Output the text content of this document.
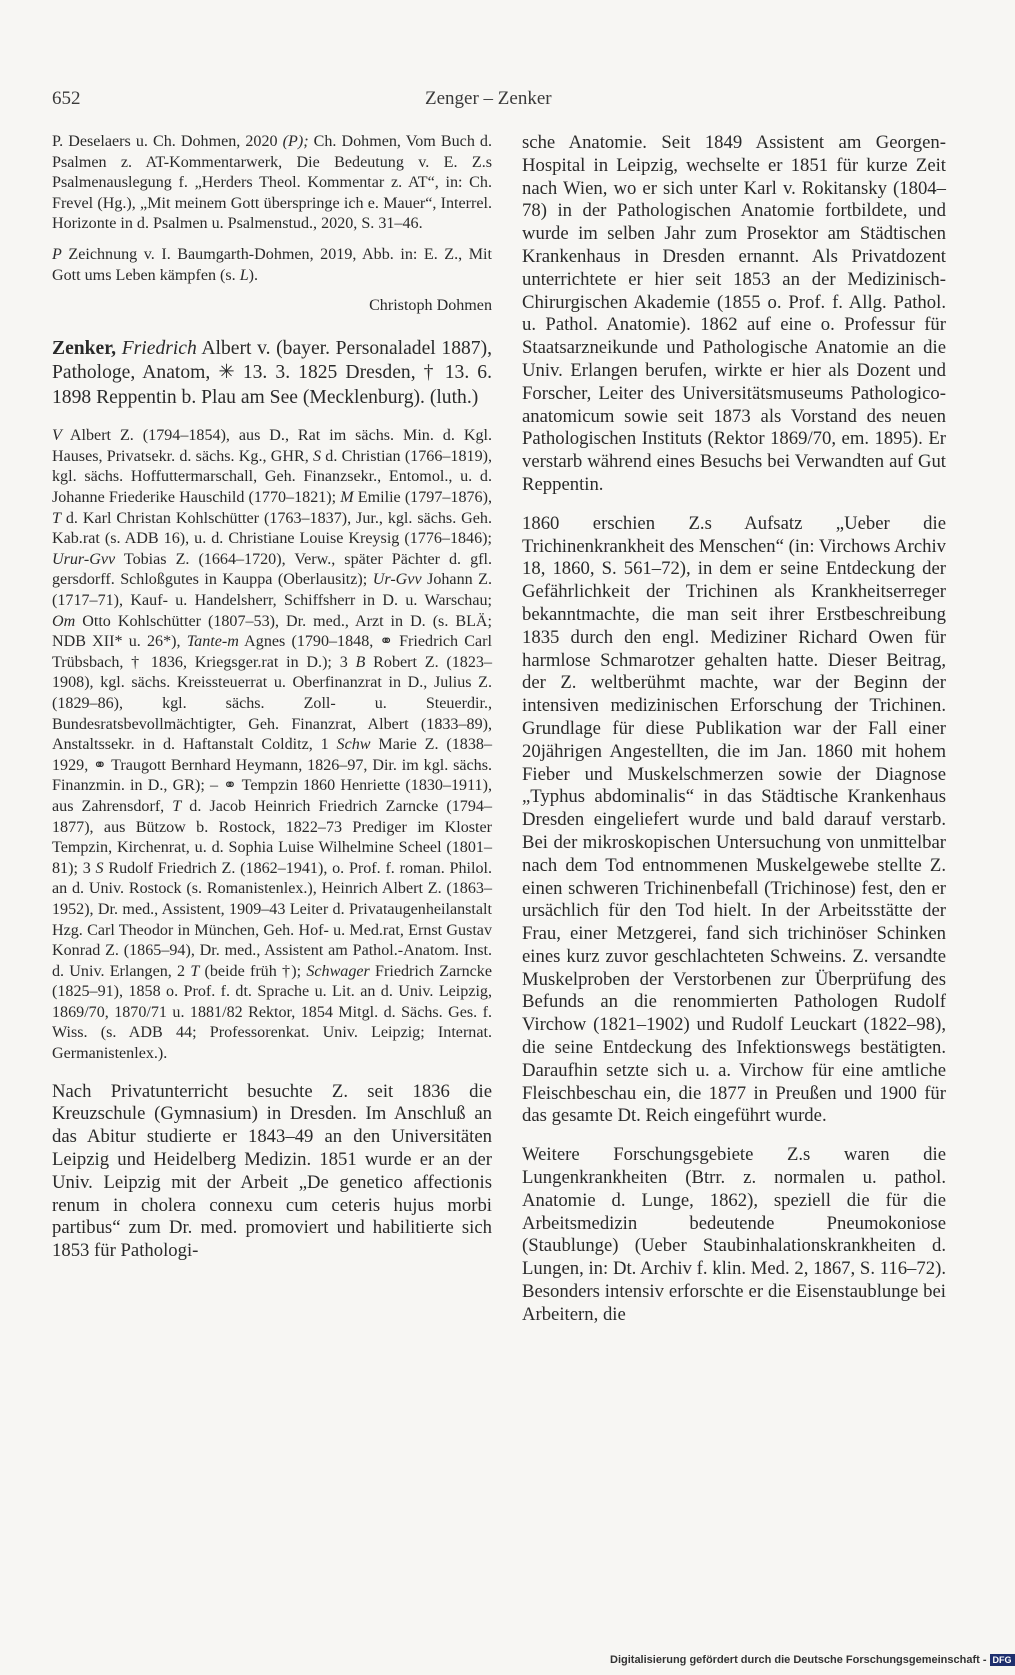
652	Zenger – Zenker

P. Deselaers u. Ch. Dohmen, 2020 (P); Ch. Dohmen, Vom Buch d. Psalmen z. AT-Kommentarwerk, Die Bedeutung v. E. Z.s Psalmenauslegung f. „Herders Theol. Kommentar z. AT“, in: Ch. Frevel (Hg.), „Mit meinem Gott überspringe ich e. Mauer“, Interrel. Horizonte in d. Psalmen u. Psalmenstud., 2020, S. 31–46.

P Zeichnung v. I. Baumgarth-Dohmen, 2019, Abb. in: E. Z., Mit Gott ums Leben kämpfen (s. L).

Christoph Dohmen

Zenker, Friedrich Albert v. (bayer. Personaladel 1887), Pathologe, Anatom, ✳ 13. 3. 1825 Dresden, † 13. 6. 1898 Reppentin b. Plau am See (Mecklenburg). (luth.)

V Albert Z. (1794–1854), aus D., Rat im sächs. Min. d. Kgl. Hauses, Privatsekr. d. sächs. Kg., GHR, S d. Christian (1766–1819), kgl. sächs. Hoffuttermarschall, Geh. Finanzsekr., Entomol., u. d. Johanne Friederike Hauschild (1770–1821); M Emilie (1797–1876), T d. Karl Christan Kohlschütter (1763–1837), Jur., kgl. sächs. Geh. Kab.rat (s. ADB 16), u. d. Christiane Louise Kreysig (1776–1846); Urur-Gvv Tobias Z. (1664–1720), Verw., später Pächter d. gfl. gersdorff. Schloßgutes in Kauppa (Oberlausitz); Ur-Gvv Johann Z. (1717–71), Kauf- u. Handelsherr, Schiffsherr in D. u. Warschau; Om Otto Kohlschütter (1807–53), Dr. med., Arzt in D. (s. BLÄ; NDB XII* u. 26*), Tante-m Agnes (1790–1848, ⚭ Friedrich Carl Trübsbach, † 1836, Kriegsger.rat in D.); 3 B Robert Z. (1823–1908), kgl. sächs. Kreissteuerrat u. Oberfinanzrat in D., Julius Z. (1829–86), kgl. sächs. Zoll- u. Steuerdir., Bundesratsbevollmächtigter, Geh. Finanzrat, Albert (1833–89), Anstaltssekr. in d. Haftanstalt Colditz, 1 Schw Marie Z. (1838–1929, ⚭ Traugott Bernhard Heymann, 1826–97, Dir. im kgl. sächs. Finanzmin. in D., GR); – ⚭ Tempzin 1860 Henriette (1830–1911), aus Zahrensdorf, T d. Jacob Heinrich Friedrich Zarncke (1794–1877), aus Bützow b. Rostock, 1822–73 Prediger im Kloster Tempzin, Kirchenrat, u. d. Sophia Luise Wilhelmine Scheel (1801–81); 3 S Rudolf Friedrich Z. (1862–1941), o. Prof. f. roman. Philol. an d. Univ. Rostock (s. Romanistenlex.), Heinrich Albert Z. (1863–1952), Dr. med., Assistent, 1909–43 Leiter d. Privataugenheilanstalt Hzg. Carl Theodor in München, Geh. Hof- u. Med.rat, Ernst Gustav Konrad Z. (1865–94), Dr. med., Assistent am Pathol.-Anatom. Inst. d. Univ. Erlangen, 2 T (beide früh †); Schwager Friedrich Zarncke (1825–91), 1858 o. Prof. f. dt. Sprache u. Lit. an d. Univ. Leipzig, 1869/70, 1870/71 u. 1881/82 Rektor, 1854 Mitgl. d. Sächs. Ges. f. Wiss. (s. ADB 44; Professorenkat. Univ. Leipzig; Internat. Germanistenlex.).

Nach Privatunterricht besuchte Z. seit 1836 die Kreuzschule (Gymnasium) in Dresden. Im Anschluß an das Abitur studierte er 1843–49 an den Universitäten Leipzig und Heidelberg Medizin. 1851 wurde er an der Univ. Leipzig mit der Arbeit „De genetico affectionis renum in cholera connexu cum ceteris hujus morbi partibus“ zum Dr. med. promoviert und habilitierte sich 1853 für Pathologi-

sche Anatomie. Seit 1849 Assistent am Georgen-Hospital in Leipzig, wechselte er 1851 für kurze Zeit nach Wien, wo er sich unter Karl v. Rokitansky (1804–78) in der Pathologischen Anatomie fortbildete, und wurde im selben Jahr zum Prosektor am Städtischen Krankenhaus in Dresden ernannt. Als Privatdozent unterrichtete er hier seit 1853 an der Medizinisch-Chirurgischen Akademie (1855 o. Prof. f. Allg. Pathol. u. Pathol. Anatomie). 1862 auf eine o. Professur für Staatsarzneikunde und Pathologische Anatomie an die Univ. Erlangen berufen, wirkte er hier als Dozent und Forscher, Leiter des Universitätsmuseums Pathologico-anatomicum sowie seit 1873 als Vorstand des neuen Pathologischen Instituts (Rektor 1869/70, em. 1895). Er verstarb während eines Besuchs bei Verwandten auf Gut Reppentin.

1860 erschien Z.s Aufsatz „Ueber die Trichinenkrankheit des Menschen“ (in: Virchows Archiv 18, 1860, S. 561–72), in dem er seine Entdeckung der Gefährlichkeit der Trichinen als Krankheitserreger bekanntmachte, die man seit ihrer Erstbeschreibung 1835 durch den engl. Mediziner Richard Owen für harmlose Schmarotzer gehalten hatte. Dieser Beitrag, der Z. weltberühmt machte, war der Beginn der intensiven medizinischen Erforschung der Trichinen. Grundlage für diese Publikation war der Fall einer 20jährigen Angestellten, die im Jan. 1860 mit hohem Fieber und Muskelschmerzen sowie der Diagnose „Typhus abdominalis“ in das Städtische Krankenhaus Dresden eingeliefert wurde und bald darauf verstarb. Bei der mikroskopischen Untersuchung von unmittelbar nach dem Tod entnommenen Muskelgewebe stellte Z. einen schweren Trichinenbefall (Trichinose) fest, den er ursächlich für den Tod hielt. In der Arbeitsstätte der Frau, einer Metzgerei, fand sich trichinöser Schinken eines kurz zuvor geschlachteten Schweins. Z. versandte Muskelproben der Verstorbenen zur Überprüfung des Befunds an die renommierten Pathologen Rudolf Virchow (1821–1902) und Rudolf Leuckart (1822–98), die seine Entdeckung des Infektionswegs bestätigten. Daraufhin setzte sich u. a. Virchow für eine amtliche Fleischbeschau ein, die 1877 in Preußen und 1900 für das gesamte Dt. Reich eingeführt wurde.

Weitere Forschungsgebiete Z.s waren die Lungenkrankheiten (Btrr. z. normalen u. pathol. Anatomie d. Lunge, 1862), speziell die für die Arbeitsmedizin bedeutende Pneumokoniose (Staublunge) (Ueber Staubinhalationskrankheiten d. Lungen, in: Dt. Archiv f. klin. Med. 2, 1867, S. 116–72). Besonders intensiv erforschte er die Eisenstaublunge bei Arbeitern, die

Digitalisierung gefördert durch die Deutsche Forschungsgemeinschaft - DFG
